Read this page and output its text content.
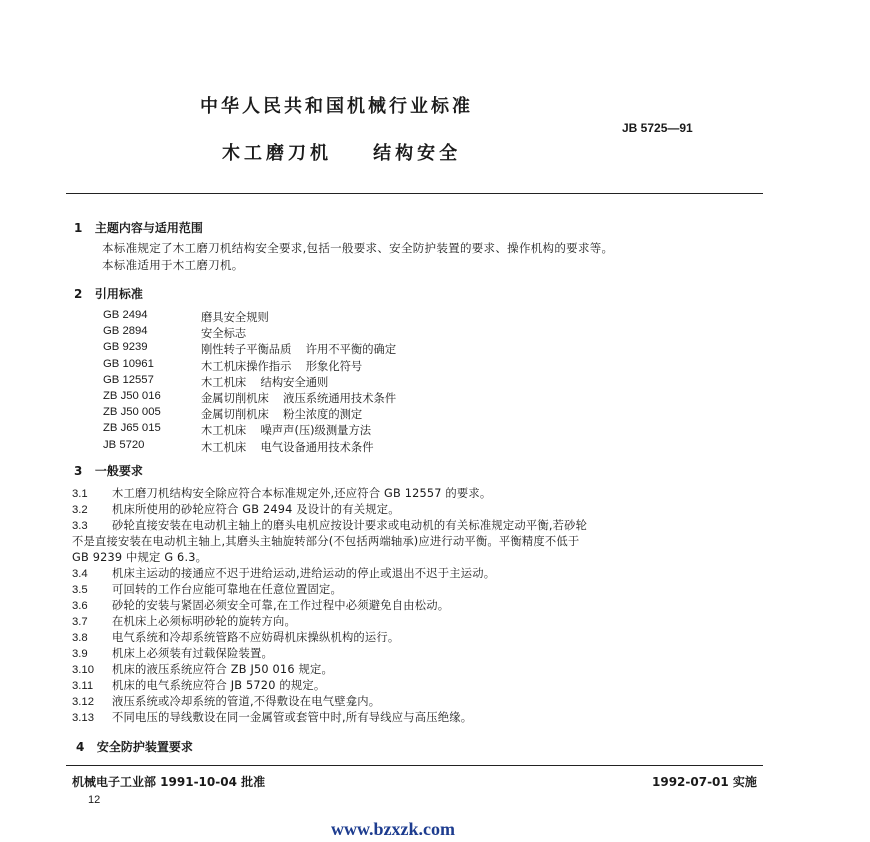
中华人民共和国机械行业标准
JB 5725—91
木工磨刀机    结构安全
1   主题内容与适用范围
本标准规定了木工磨刀机结构安全要求,包括一般要求、安全防护装置的要求、操作机构的要求等。
本标准适用于木工磨刀机。
2   引用标准
GB 2494	磨具安全规则
GB 2894	安全标志
GB 9239	刚性转子平衡品质    许用不平衡的确定
GB 10961	木工机床操作指示    形象化符号
GB 12557	木工机床    结构安全通则
ZB J50 016	金属切削机床    液压系统通用技术条件
ZB J50 005	金属切削机床    粉尘浓度的测定
ZB J65 015	木工机床    噪声声(压)级测量方法
JB 5720	木工机床    电气设备通用技术条件
3   一般要求
3.1	木工磨刀机结构安全除应符合本标准规定外,还应符合 GB 12557 的要求。
3.2	机床所使用的砂轮应符合 GB 2494 及设计的有关规定。
3.3	砂轮直接安装在电动机主轴上的磨头电机应按设计要求或电动机的有关标准规定动平衡,若砂轮
不是直接安装在电动机主轴上,其磨头主轴旋转部分(不包括两端轴承)应进行动平衡。平衡精度不低于
GB 9239 中规定 G 6.3。
3.4	机床主运动的接通应不迟于进给运动,进给运动的停止或退出不迟于主运动。
3.5	可回转的工作台应能可靠地在任意位置固定。
3.6	砂轮的安装与紧固必须安全可靠,在工作过程中必须避免自由松动。
3.7	在机床上必须标明砂轮的旋转方向。
3.8	电气系统和冷却系统管路不应妨碍机床操纵机构的运行。
3.9	机床上必须装有过载保险装置。
3.10	机床的液压系统应符合 ZB J50 016 规定。
3.11	机床的电气系统应符合 JB 5720 的规定。
3.12	液压系统或冷却系统的管道,不得敷设在电气壁龛内。
3.13	不同电压的导线敷设在同一金属管或套管中时,所有导线应与高压绝缘。
4   安全防护装置要求
机械电子工业部 1991-10-04 批准	1992-07-01 实施
12
www.bzxzk.com
